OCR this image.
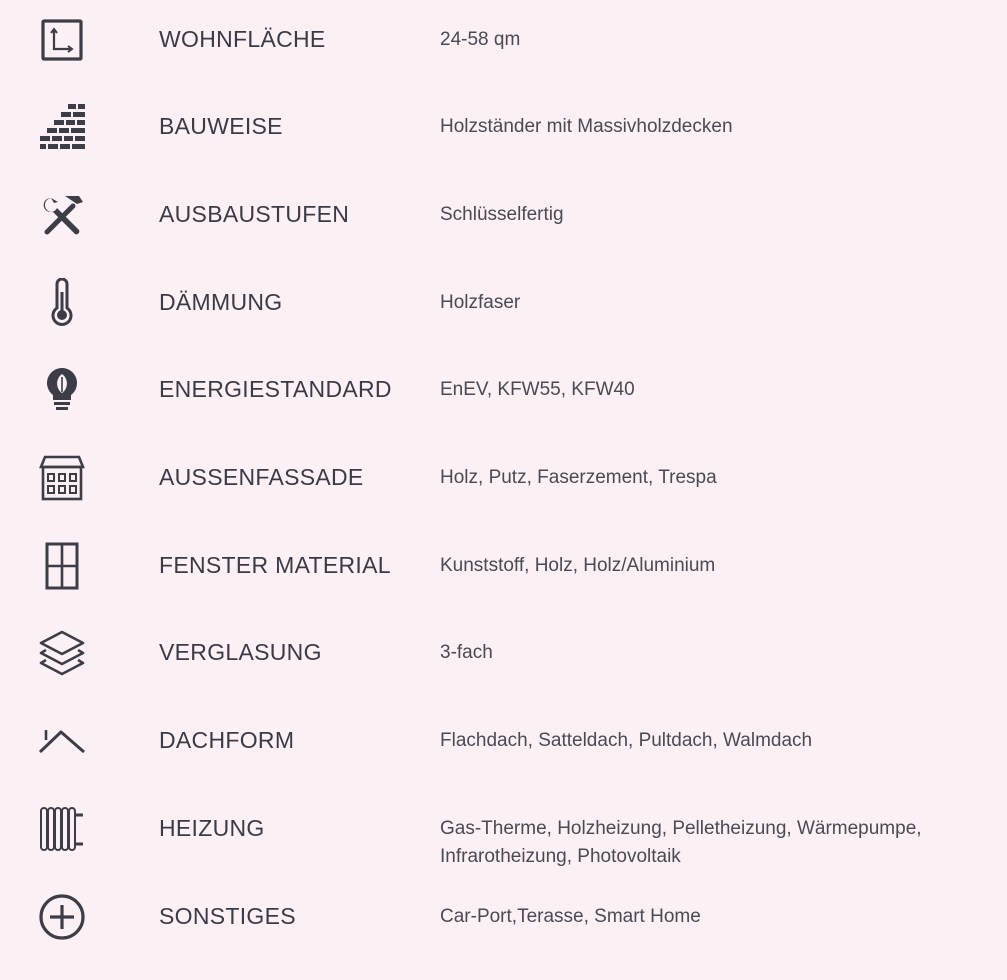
WOHNFLÄCHE	24-58 qm
BAUWEISE	Holzständer mit Massivholzdecken
AUSBAUSTUFEN	Schlüsselfertig
DÄMMUNG	Holzfaser
ENERGIESTANDARD	EnEV, KFW55, KFW40
AUSSENFASSADE	Holz, Putz, Faserzement, Trespa
FENSTER MATERIAL	Kunststoff, Holz, Holz/Aluminium
VERGLASUNG	3-fach
DACHFORM	Flachdach, Satteldach, Pultdach, Walmdach
HEIZUNG	Gas-Therme, Holzheizung, Pelletheizung, Wärmepumpe,
Infrarotheizung, Photovoltaik
SONSTIGES	Car-Port,Terasse, Smart Home
